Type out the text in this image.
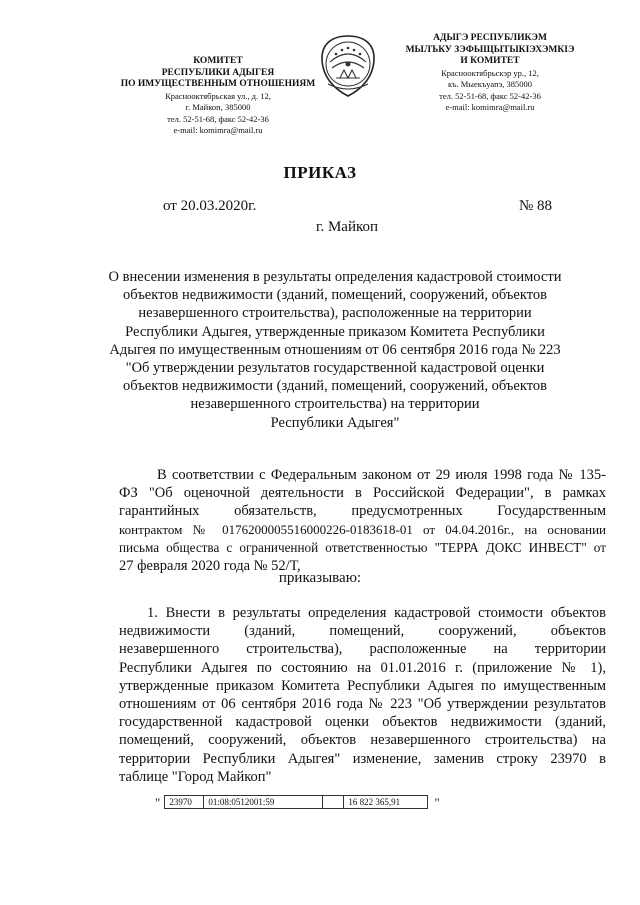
КОМИТЕТ
РЕСПУБЛИКИ АДЫГЕЯ
ПО ИМУЩЕСТВЕННЫМ ОТНОШЕНИЯМ
Краснооктябрьская ул., д. 12,
г. Майкоп, 385000
тел. 52-51-68, факс 52-42-36
e-mail: komimra@mail.ru
АДЫГЭ РЕСПУБЛИКЭМ
МЫЛЪКУ ЗЭФЫЩЫТЫКIЭХЭМКIЭ
И КОМИТЕТ
Краснооктябрьскэр ур., 12,
къ. Мыекъуапэ, 385000
тел. 52-51-68, факс 52-42-36
e-mail: komimra@mail.ru
ПРИКАЗ
от 20.03.2020г.	№ 88
г. Майкоп
О внесении изменения в результаты определения кадастровой стоимости
объектов недвижимости (зданий, помещений, сооружений, объектов
незавершенного строительства), расположенные на территории
Республики Адыгея, утвержденные приказом Комитета Республики
Адыгея по имущественным отношениям от 06 сентября 2016 года № 223
"Об утверждении результатов государственной кадастровой оценки
объектов недвижимости (зданий, помещений, сооружений, объектов
незавершенного строительства) на территории
Республики Адыгея"
В соответствии с Федеральным законом от 29 июля 1998 года № 135-
ФЗ "Об оценочной деятельности в Российской Федерации", в рамках
гарантийных обязательств, предусмотренных Государственным
контрактом № 0176200005516000226-0183618-01 от 04.04.2016г., на основании
письма общества с ограниченной ответственностью "ТЕРРА ДОКС ИНВЕСТ" от
27 февраля 2020 года № 52/Т,
приказываю:
1. Внести в результаты определения кадастровой стоимости объектов
недвижимости (зданий, помещений, сооружений, объектов
незавершенного строительства), расположенные на территории
Республики Адыгея по состоянию на 01.01.2016 г. (приложение № 1),
утвержденные приказом Комитета Республики Адыгея по имущественным
отношениям от 06 сентября 2016 года № 223 "Об утверждении результатов
государственной кадастровой оценки объектов недвижимости (зданий,
помещений, сооружений, объектов незавершенного строительства) на
территории Республики Адыгея" изменение, заменив строку 23970 в
таблице "Город Майкоп"
" 23970	01:08:0512001:59		16 822 365,91	"
